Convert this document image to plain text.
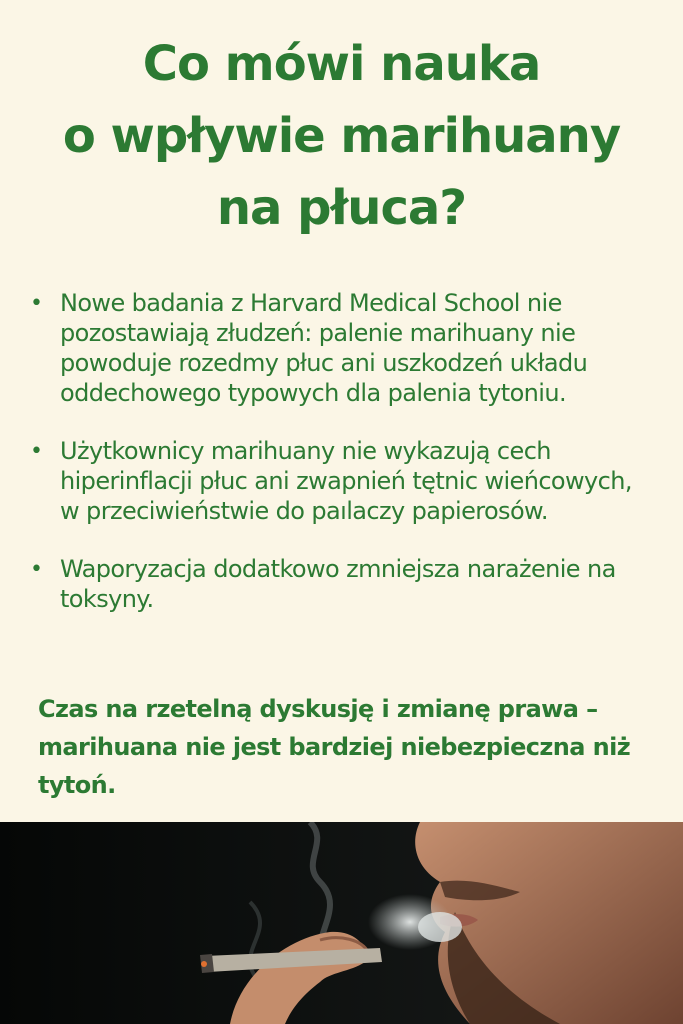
Co mówi nauka
o wpływie marihuany
na płuca?
• Nowe badania z Harvard Medical School nie pozostawiają złudzeń: palenie marihuany nie powoduje rozedmy płuc ani uszkodzeń układu oddechowego typowych dla palenia tytoniu.
• Użytkownicy marihuany nie wykazują cech hiperinflacji płuc ani zwapnień tętnic wieńcowych, w przeciwieństwie do paılaczy papierosów.
• Waporyzacja dodatkowo zmniejsza narażenie na toksyny.
Czas na rzetelną dyskusję i zmianę prawa – marihuana nie jest bardziej niebezpieczna niż tytoń.
